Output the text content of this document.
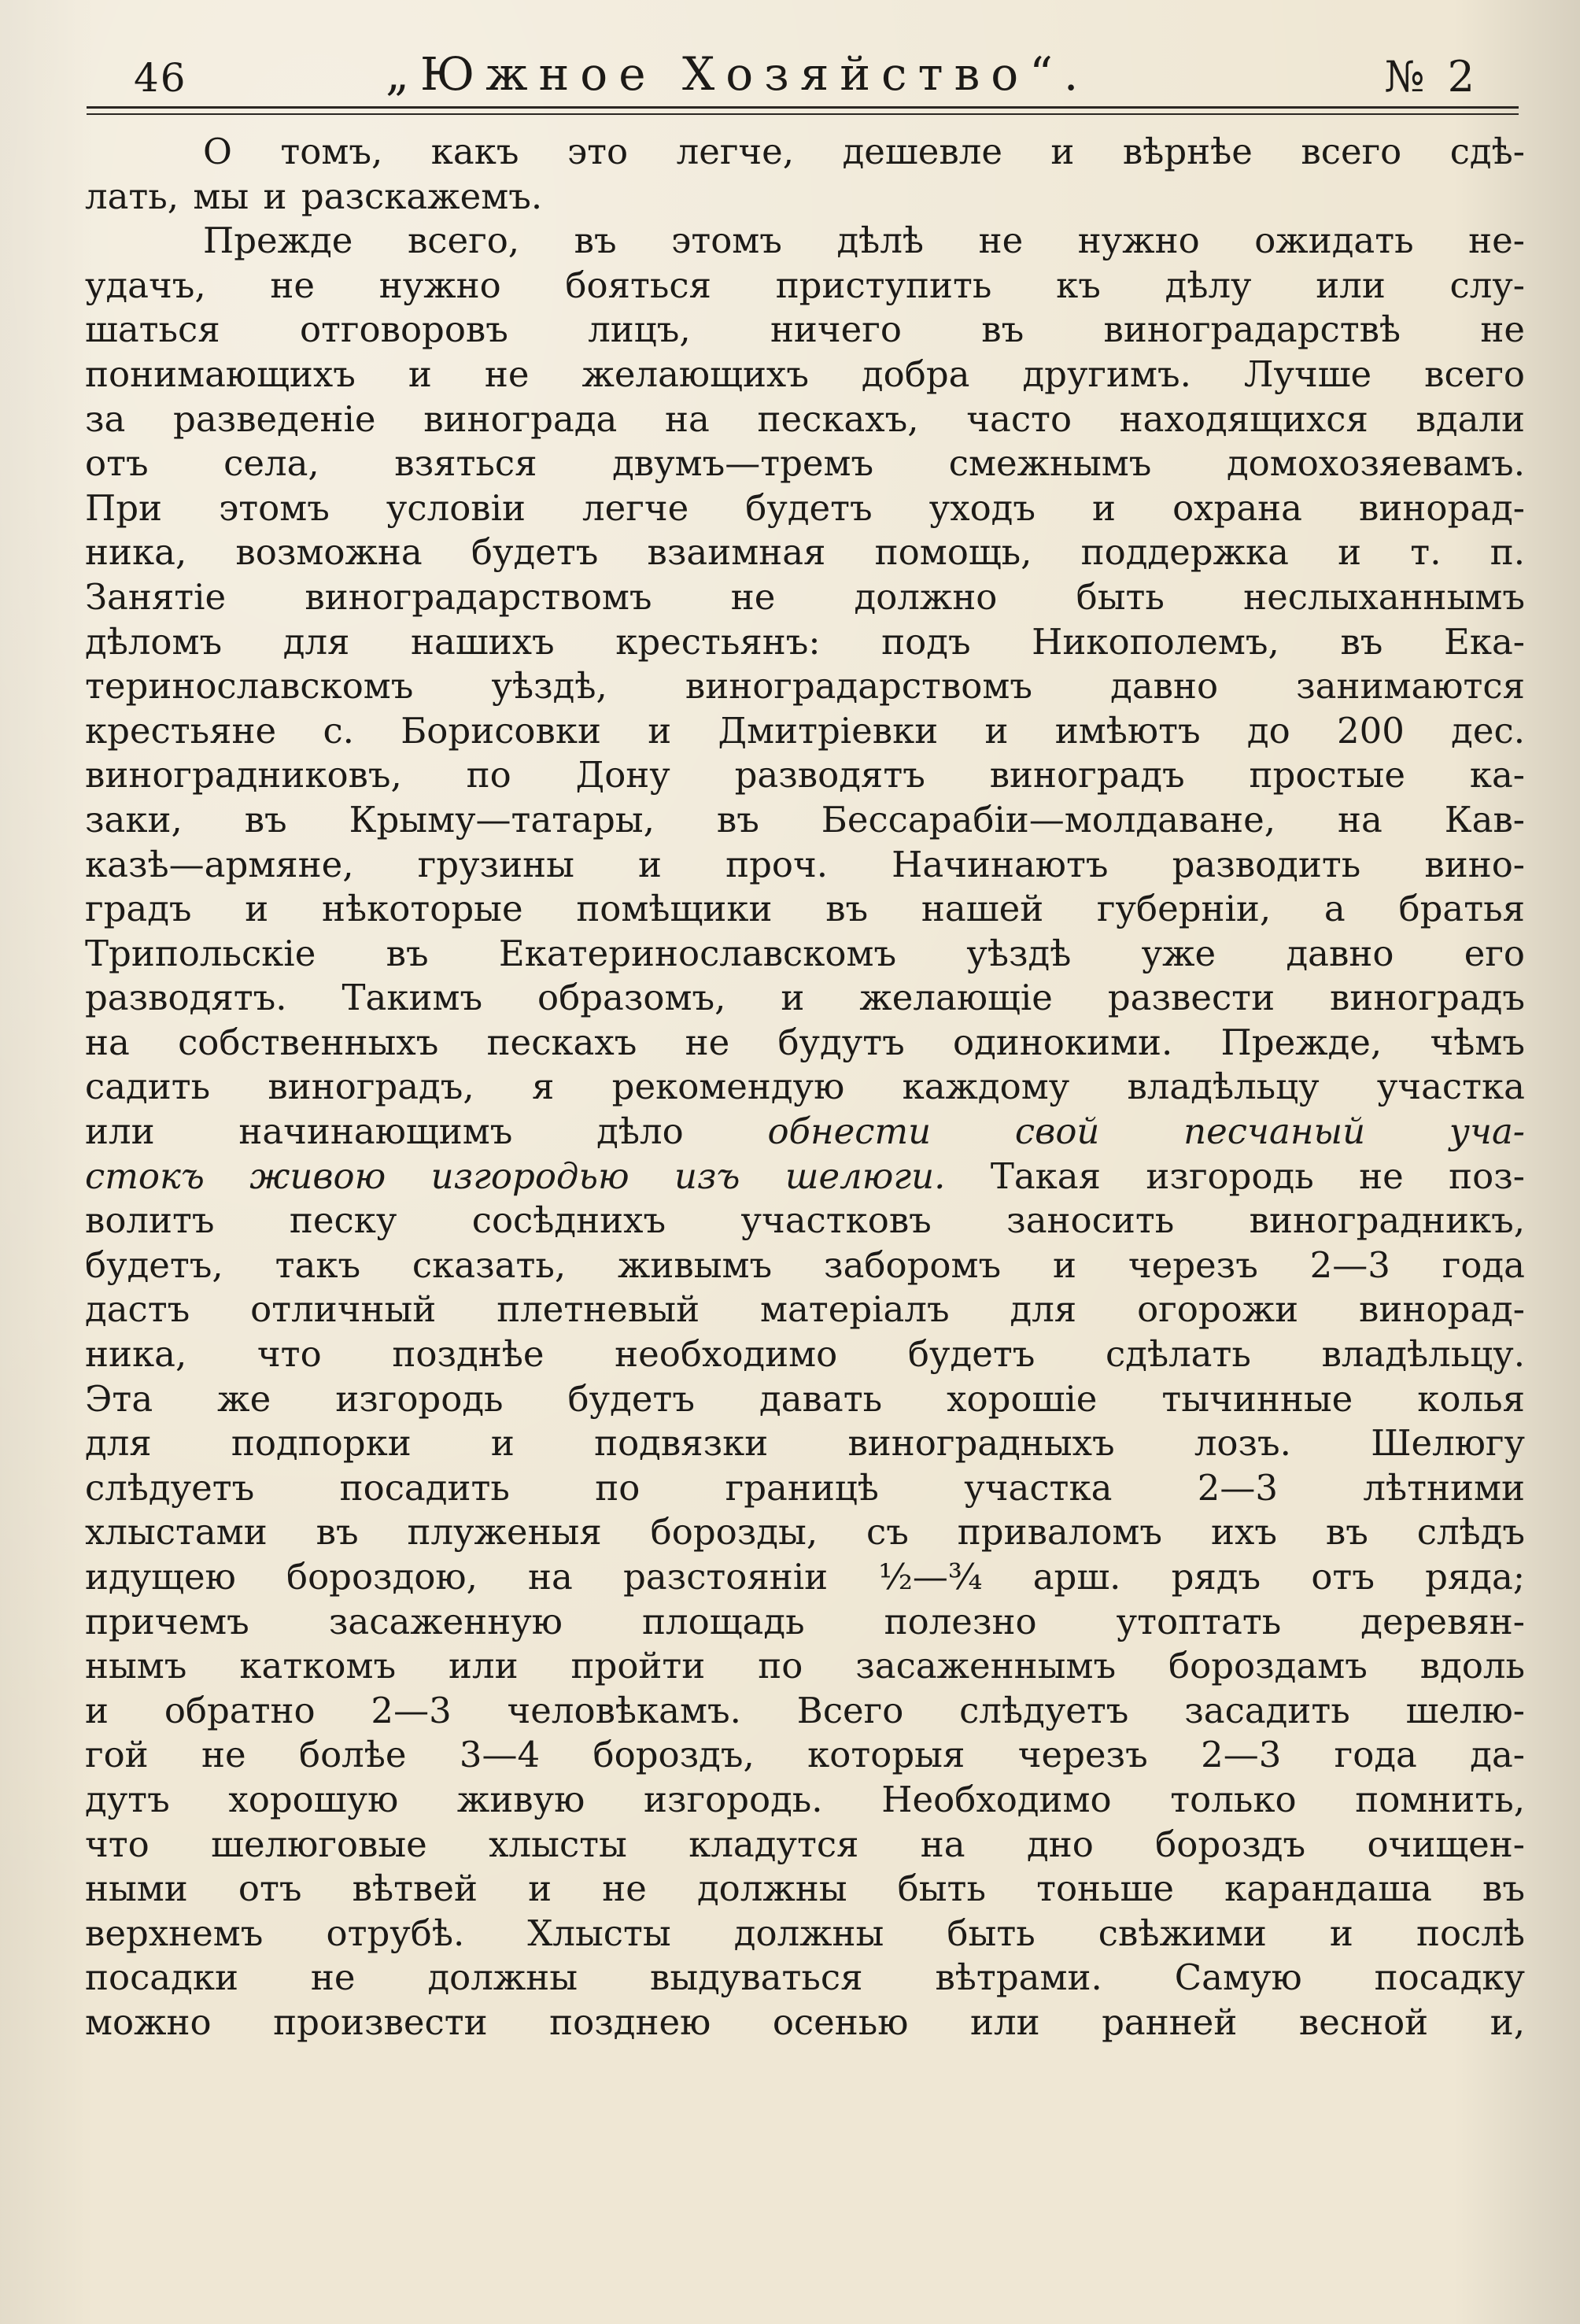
46	„Южное Хозяйство“.	№ 2
О томъ, какъ это легче, дешевле и вѣрнѣе всего сдѣ-
лать, мы и разскажемъ.
Прежде всего, въ этомъ дѣлѣ не нужно ожидать не-
удачъ, не нужно бояться приступить къ дѣлу или слу-
шаться отговоровъ лицъ, ничего въ виноградарствѣ не
понимающихъ и не желающихъ добра другимъ. Лучше всего
за разведеніе винограда на пескахъ, часто находящихся вдали
отъ села, взяться двумъ—тремъ смежнымъ домохозяевамъ.
При этомъ условіи легче будетъ уходъ и охрана винорад-
ника, возможна будетъ взаимная помощь, поддержка и т. п.
Занятіе виноградарствомъ не должно быть неслыханнымъ
дѣломъ для нашихъ крестьянъ: подъ Никополемъ, въ Ека-
теринославскомъ уѣздѣ, виноградарствомъ давно занимаются
крестьяне с. Борисовки и Дмитріевки и имѣютъ до 200 дес.
виноградниковъ, по Дону разводятъ виноградъ простые ка-
заки, въ Крыму—татары, въ Бессарабіи—молдаване, на Кав-
казѣ—армяне, грузины и проч. Начинаютъ разводить вино-
градъ и нѣкоторые помѣщики въ нашей губерніи, а братья
Трипольскіе въ Екатеринославскомъ уѣздѣ уже давно его
разводятъ. Такимъ образомъ, и желающіе развести виноградъ
на собственныхъ пескахъ не будутъ одинокими. Прежде, чѣмъ
садить виноградъ, я рекомендую каждому владѣльцу участка
или начинающимъ дѣло обнести свой песчаный уча-
стокъ живою изгородью изъ шелюги. Такая изгородь не поз-
волитъ песку сосѣднихъ участковъ заносить виноградникъ,
будетъ, такъ сказать, живымъ заборомъ и черезъ 2—3 года
дастъ отличный плетневый матеріалъ для огорожи винорад-
ника, что позднѣе необходимо будетъ сдѣлать владѣльцу.
Эта же изгородь будетъ давать хорошіе тычинные колья
для подпорки и подвязки виноградныхъ лозъ. Шелюгу
слѣдуетъ посадить по границѣ участка 2—3 лѣтними
хлыстами въ плуженыя борозды, съ приваломъ ихъ въ слѣдъ
идущею бороздою, на разстояніи ½—¾ арш. рядъ отъ ряда;
причемъ засаженную площадь полезно утоптать деревян-
нымъ каткомъ или пройти по засаженнымъ бороздамъ вдоль
и обратно 2—3 человѣкамъ. Всего слѣдуетъ засадить шелю-
гой не болѣе 3—4 бороздъ, которыя черезъ 2—3 года да-
дутъ хорошую живую изгородь. Необходимо только помнить,
что шелюговые хлысты кладутся на дно бороздъ очищен-
ными отъ вѣтвей и не должны быть тоньше карандаша въ
верхнемъ отрубѣ. Хлысты должны быть свѣжими и послѣ
посадки не должны выдуваться вѣтрами. Самую посадку
можно произвести позднею осенью или ранней весной и,
